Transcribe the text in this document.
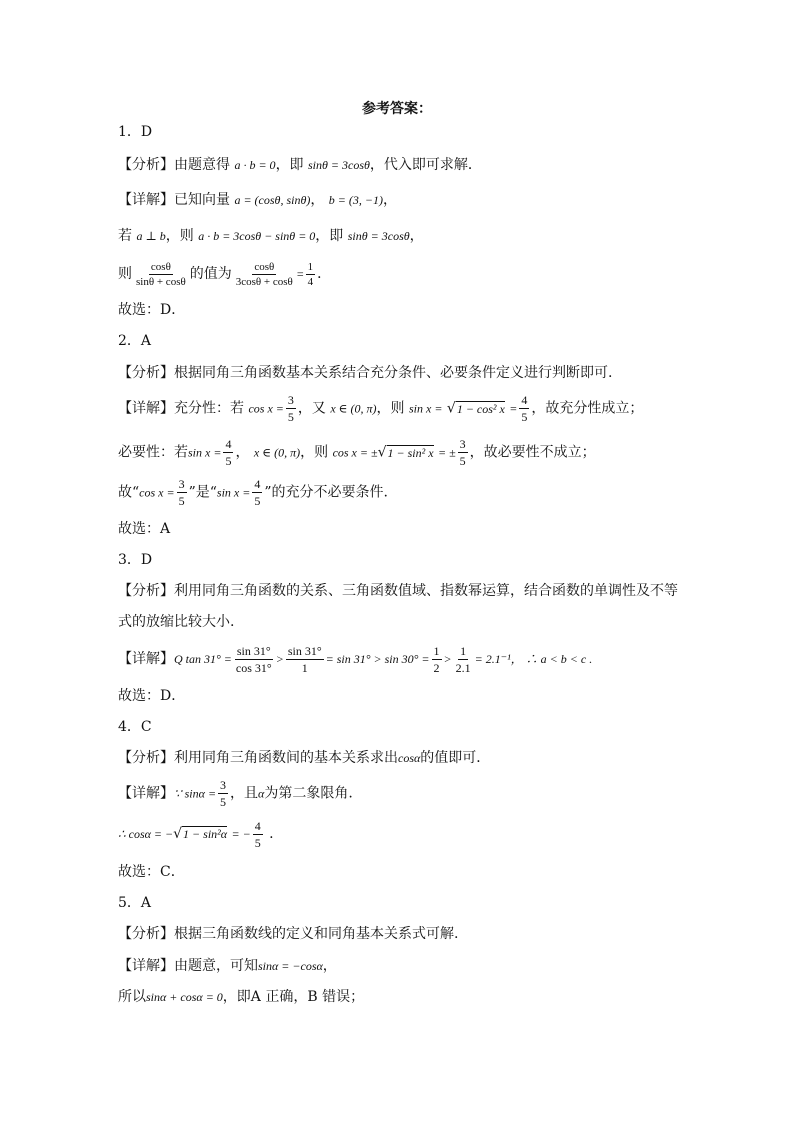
参考答案：
1．D
【分析】由题意得 a · b = 0，即 sinθ = 3cosθ，代入即可求解．
【详解】已知向量 a = (cosθ, sinθ)， b = (3, −1)，
若 a ⊥ b，则 a · b = 3cosθ − sinθ = 0，即 sinθ = 3cosθ，
则 $\frac{\cos\theta}{\sin\theta + \cos\theta}$ 的值为 $\frac{\cos\theta}{3\cos\theta + \cos\theta} = \frac{1}{4}$ ．
故选：D．
2．A
【分析】根据同角三角函数基本关系结合充分条件、必要条件定义进行判断即可.
【详解】充分性：若 $\cos x = \frac{3}{5}$ ，又 x ∈ (0, π)，则 sin x = √1 − cos² $x = \frac{4}{5}$ ，故充分性成立；
必要性：若$\sin x = \frac{4}{5}$ ， x ∈ (0, π)，则 cos x = ±√1 − sin² x = ± $\frac{3}{5}$ ，故必要性不成立；
故“cos $x = \frac{3}{5}$ ”是“sin $x = \frac{4}{5}$ ”的充分不必要条件.
故选：A
3．D
【分析】利用同角三角函数的关系、三角函数值域、指数幂运算，结合函数的单调性及不等
式的放缩比较大小.
【详解】Q $\tan 31^\circ = \frac{\sin 31^\circ}{\cos 31^\circ} > \frac{\sin 31^\circ}{1} = \sin 31^\circ > \sin 30^\circ = \frac{1}{2} > \frac{1}{2.1} = 2.1^{-1}$， ∴ a < b < c .
故选：D．
4．C
【分析】利用同角三角函数间的基本关系求出cosα的值即可．
【详解】∵ $\sin\alpha = \frac{3}{5}$ ，且α为第二象限角.
∴ cosα = −√1 − sin²α = − $\frac{4}{5}$ .
故选：C．
5．A
【分析】根据三角函数线的定义和同角基本关系式可解.
【详解】由题意，可知sinα = −cosα，
所以sinα + cosα = 0，即A 正确，B 错误；
